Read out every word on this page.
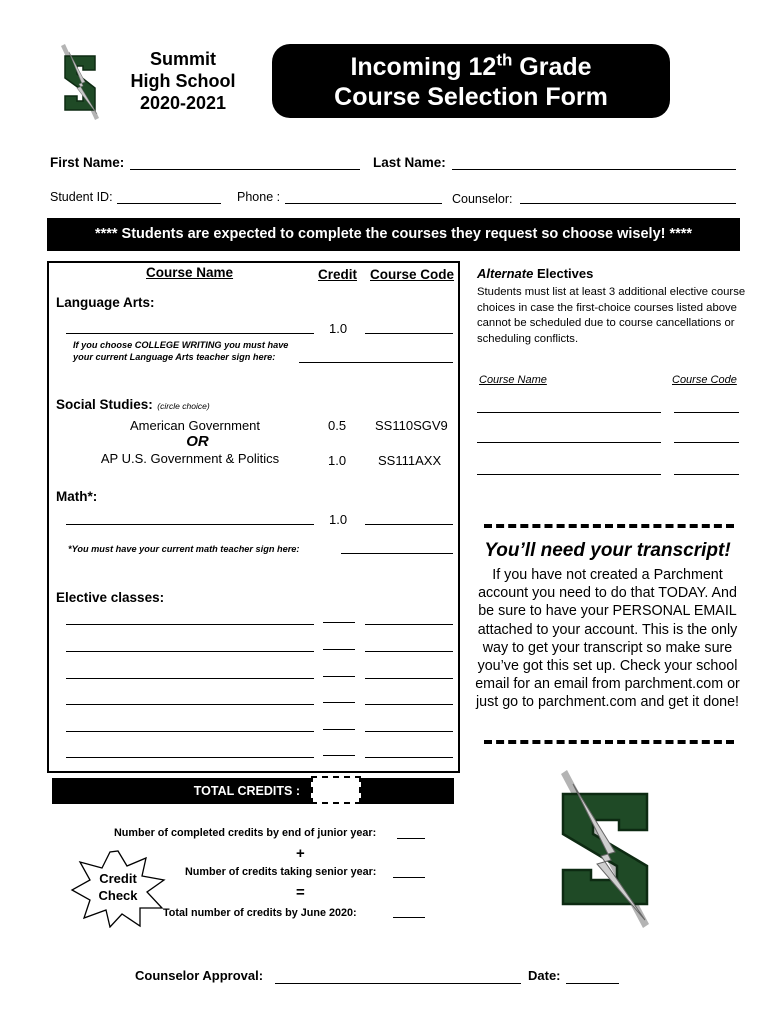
Summit
High School
2020-2021
Incoming 12th Grade
Course Selection Form
First Name:	Last Name:
Student ID:	Phone :	Counselor:
**** Students are expected to complete the courses they request so choose wisely! ****
Course Name	Credit Course Code
Language Arts:
1.0
If you choose COLLEGE WRITING you must have
your current Language Arts teacher sign here:
Social Studies: (circle choice)
American Government	0.5 SS110SGV9
OR
AP U.S. Government & Politics	1.0 SS111AXX
Math*:
1.0
*You must have your current math teacher sign here:
Elective classes:
TOTAL CREDITS :
Alternate Electives
Students must list at least 3 additional elective course choices in case the first-choice courses listed above cannot be scheduled due to course cancellations or scheduling conflicts.
Course Name	Course Code
You’ll need your transcript!
If you have not created a Parchment account you need to do that TODAY. And be sure to have your PERSONAL EMAIL attached to your account. This is the only way to get your transcript so make sure you’ve got this set up. Check your school email for an email from parchment.com or just go to parchment.com and get it done!
Credit
Check
Number of completed credits by end of junior year:
+
Number of credits taking senior year:
=
Total number of credits by June 2020:
Counselor Approval:	Date:
